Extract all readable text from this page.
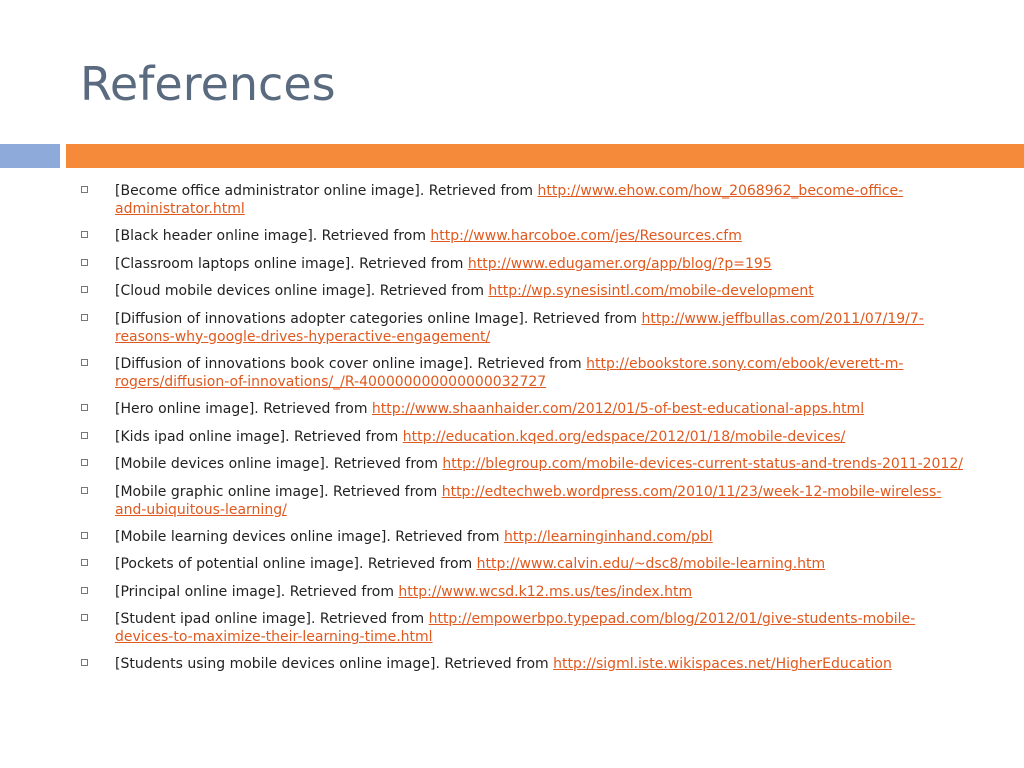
References
[Become office administrator online image]. Retrieved from http://www.ehow.com/how_2068962_become-office-administrator.html
[Black header online image]. Retrieved from http://www.harcoboe.com/jes/Resources.cfm
[Classroom laptops online image]. Retrieved from http://www.edugamer.org/app/blog/?p=195
[Cloud mobile devices online image]. Retrieved from http://wp.synesisintl.com/mobile-development
[Diffusion of innovations adopter categories online Image]. Retrieved from http://www.jeffbullas.com/2011/07/19/7-reasons-why-google-drives-hyperactive-engagement/
[Diffusion of innovations book cover online image]. Retrieved from http://ebookstore.sony.com/ebook/everett-m-rogers/diffusion-of-innovations/_/R-400000000000000032727
[Hero online image]. Retrieved from http://www.shaanhaider.com/2012/01/5-of-best-educational-apps.html
[Kids ipad online image]. Retrieved from http://education.kqed.org/edspace/2012/01/18/mobile-devices/
[Mobile devices online image]. Retrieved from http://blegroup.com/mobile-devices-current-status-and-trends-2011-2012/
[Mobile graphic online image]. Retrieved from http://edtechweb.wordpress.com/2010/11/23/week-12-mobile-wireless-and-ubiquitous-learning/
[Mobile learning devices online image]. Retrieved from http://learninginhand.com/pbl
[Pockets of potential online image]. Retrieved from http://www.calvin.edu/~dsc8/mobile-learning.htm
[Principal online image]. Retrieved from http://www.wcsd.k12.ms.us/tes/index.htm
[Student ipad online image]. Retrieved from http://empowerbpo.typepad.com/blog/2012/01/give-students-mobile-devices-to-maximize-their-learning-time.html
[Students using mobile devices online image]. Retrieved from http://sigml.iste.wikispaces.net/HigherEducation
